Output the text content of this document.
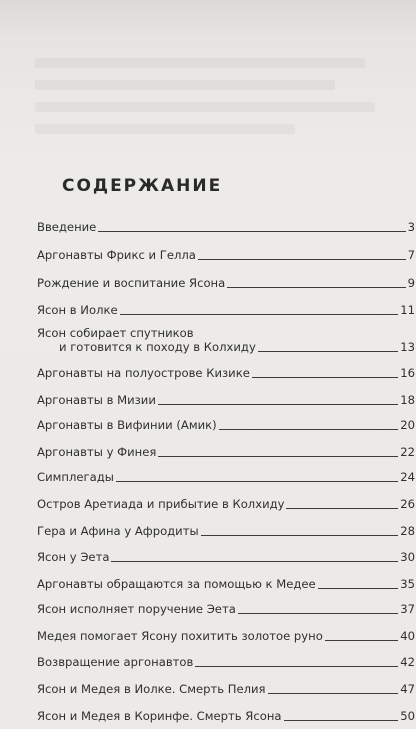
СОДЕРЖАНИЕ
Введение	3
Аргонавты Фрикс и Гелла	7
Рождение и воспитание Ясона	9
Ясон в Иолке	11
Ясон собирает спутников
и готовится к походу в Колхиду	13
Аргонавты на полуострове Кизике	16
Аргонавты в Мизии	18
Аргонавты в Вифинии (Амик)	20
Аргонавты у Финея	22
Симплегады	24
Остров Аретиада и прибытие в Колхиду	26
Гера и Афина у Афродиты	28
Ясон у Эета	30
Аргонавты обращаются за помощью к Медее	35
Ясон исполняет поручение Эета	37
Медея помогает Ясону похитить золотое руно	40
Возвращение аргонавтов	42
Ясон и Медея в Иолке. Смерть Пелия	47
Ясон и Медея в Коринфе. Смерть Ясона	50
